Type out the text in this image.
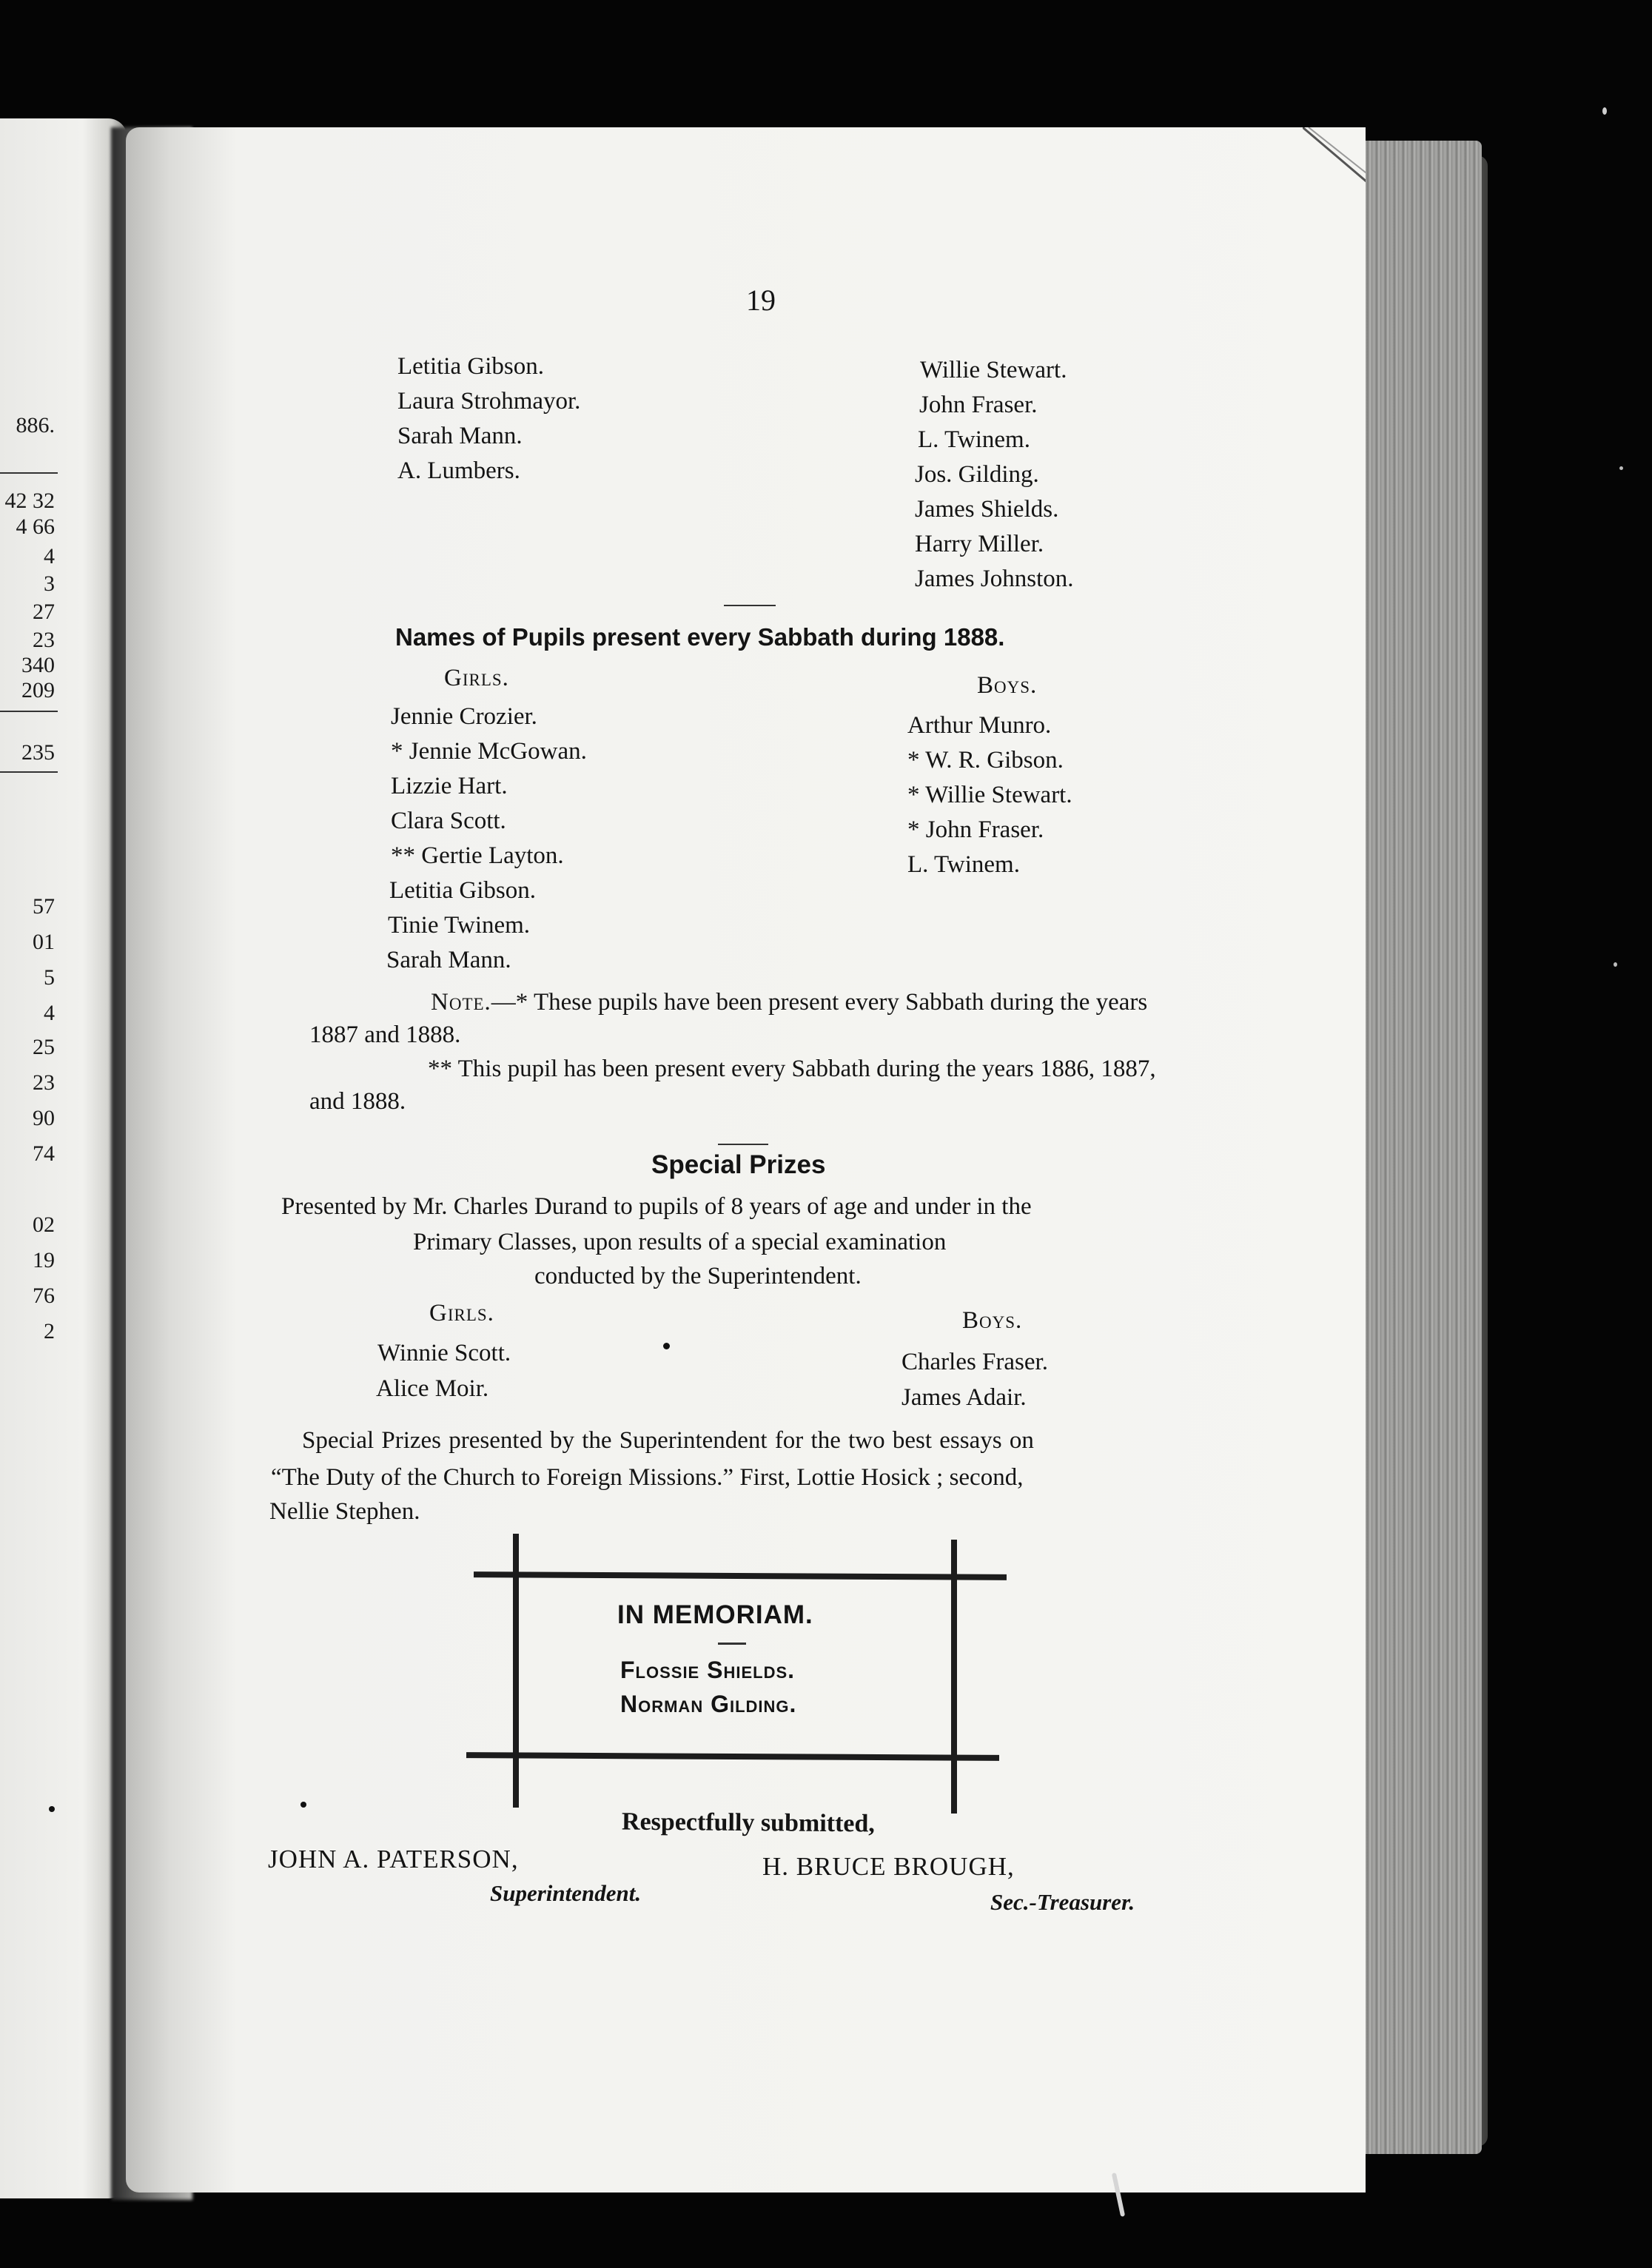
886.
42 32
4 66
4
3
27
23
340
209
235
57
01
5
4
25
23
90
74
02
19
76
2
19
Letitia Gibson.
Laura Strohmayor.
Sarah Mann.
A. Lumbers.
Willie Stewart.
John Fraser.
L. Twinem.
Jos. Gilding.
James Shields.
Harry Miller.
James Johnston.
Names of Pupils present every Sabbath during 1888.
Girls.	Boys.
Jennie Crozier.
* Jennie McGowan.
Lizzie Hart.
Clara Scott.
** Gertie Layton.
Letitia Gibson.
Tinie Twinem.
Sarah Mann.
Arthur Munro.
* W. R. Gibson.
* Willie Stewart.
* John Fraser.
L. Twinem.
Note.—* These pupils have been present every Sabbath during the years
1887 and 1888.
** This pupil has been present every Sabbath during the years 1886, 1887,
and 1888.
Special Prizes
Presented by Mr. Charles Durand to pupils of 8 years of age and under in the
Primary Classes, upon results of a special examination
conducted by the Superintendent.
Girls.	Boys.
Winnie Scott.
Alice Moir.
Charles Fraser.
James Adair.
Special Prizes presented by the Superintendent for the two best essays on
“The Duty of the Church to Foreign Missions.” First, Lottie Hosick ; second,
Nellie Stephen.
IN MEMORIAM.
Flossie Shields.
Norman Gilding.
Respectfully submitted,
JOHN A. PATERSON,
Superintendent.
H. BRUCE BROUGH,
Sec.-Treasurer.
